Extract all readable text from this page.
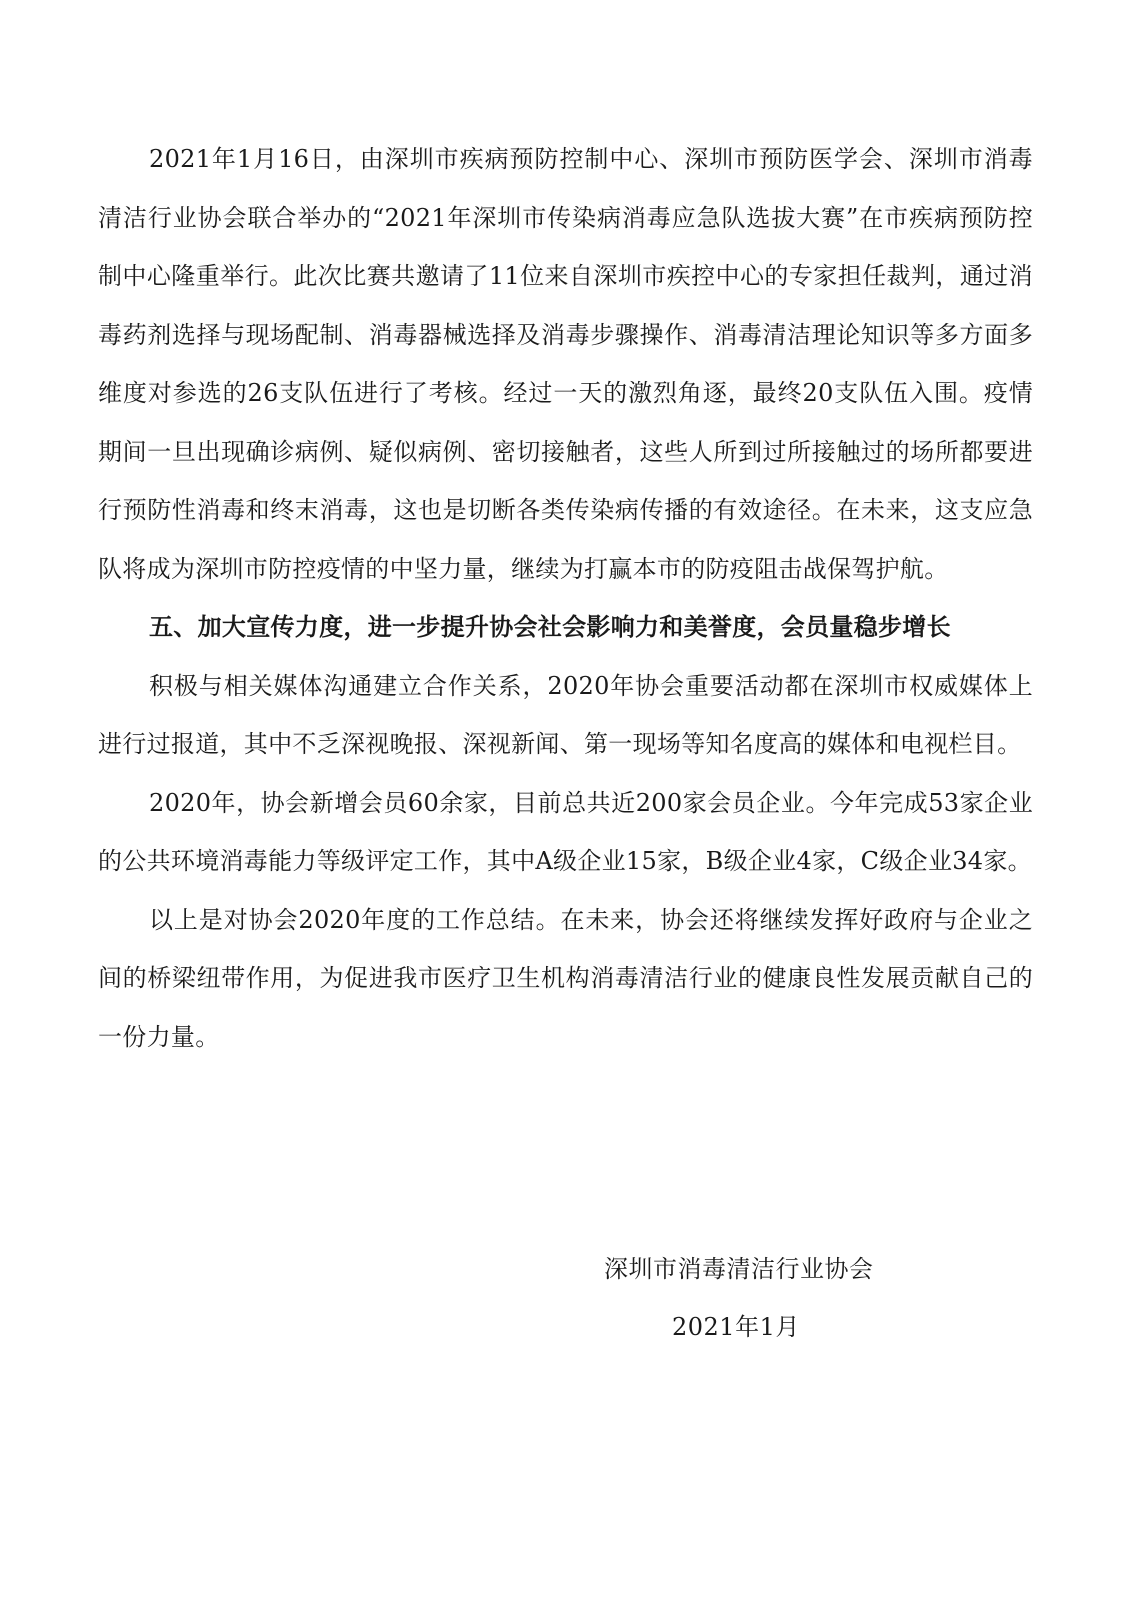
2021年1月16日，由深圳市疾病预防控制中心、深圳市预防医学会、深圳市消毒清洁行业协会联合举办的“2021年深圳市传染病消毒应急队选拔大赛”在市疾病预防控制中心隆重举行。此次比赛共邀请了11位来自深圳市疾控中心的专家担任裁判，通过消毒药剂选择与现场配制、消毒器械选择及消毒步骤操作、消毒清洁理论知识等多方面多维度对参选的26支队伍进行了考核。经过一天的激烈角逐，最终20支队伍入围。疫情期间一旦出现确诊病例、疑似病例、密切接触者，这些人所到过所接触过的场所都要进行预防性消毒和终末消毒，这也是切断各类传染病传播的有效途径。在未来，这支应急队将成为深圳市防控疫情的中坚力量，继续为打赢本市的防疫阻击战保驾护航。

五、加大宣传力度，进一步提升协会社会影响力和美誉度，会员量稳步增长

积极与相关媒体沟通建立合作关系，2020年协会重要活动都在深圳市权威媒体上进行过报道，其中不乏深视晚报、深视新闻、第一现场等知名度高的媒体和电视栏目。

2020年，协会新增会员60余家，目前总共近200家会员企业。今年完成53家企业的公共环境消毒能力等级评定工作，其中A级企业15家，B级企业4家，C级企业34家。

以上是对协会2020年度的工作总结。在未来，协会还将继续发挥好政府与企业之间的桥梁纽带作用，为促进我市医疗卫生机构消毒清洁行业的健康良性发展贡献自己的一份力量。

深圳市消毒清洁行业协会
2021年1月
